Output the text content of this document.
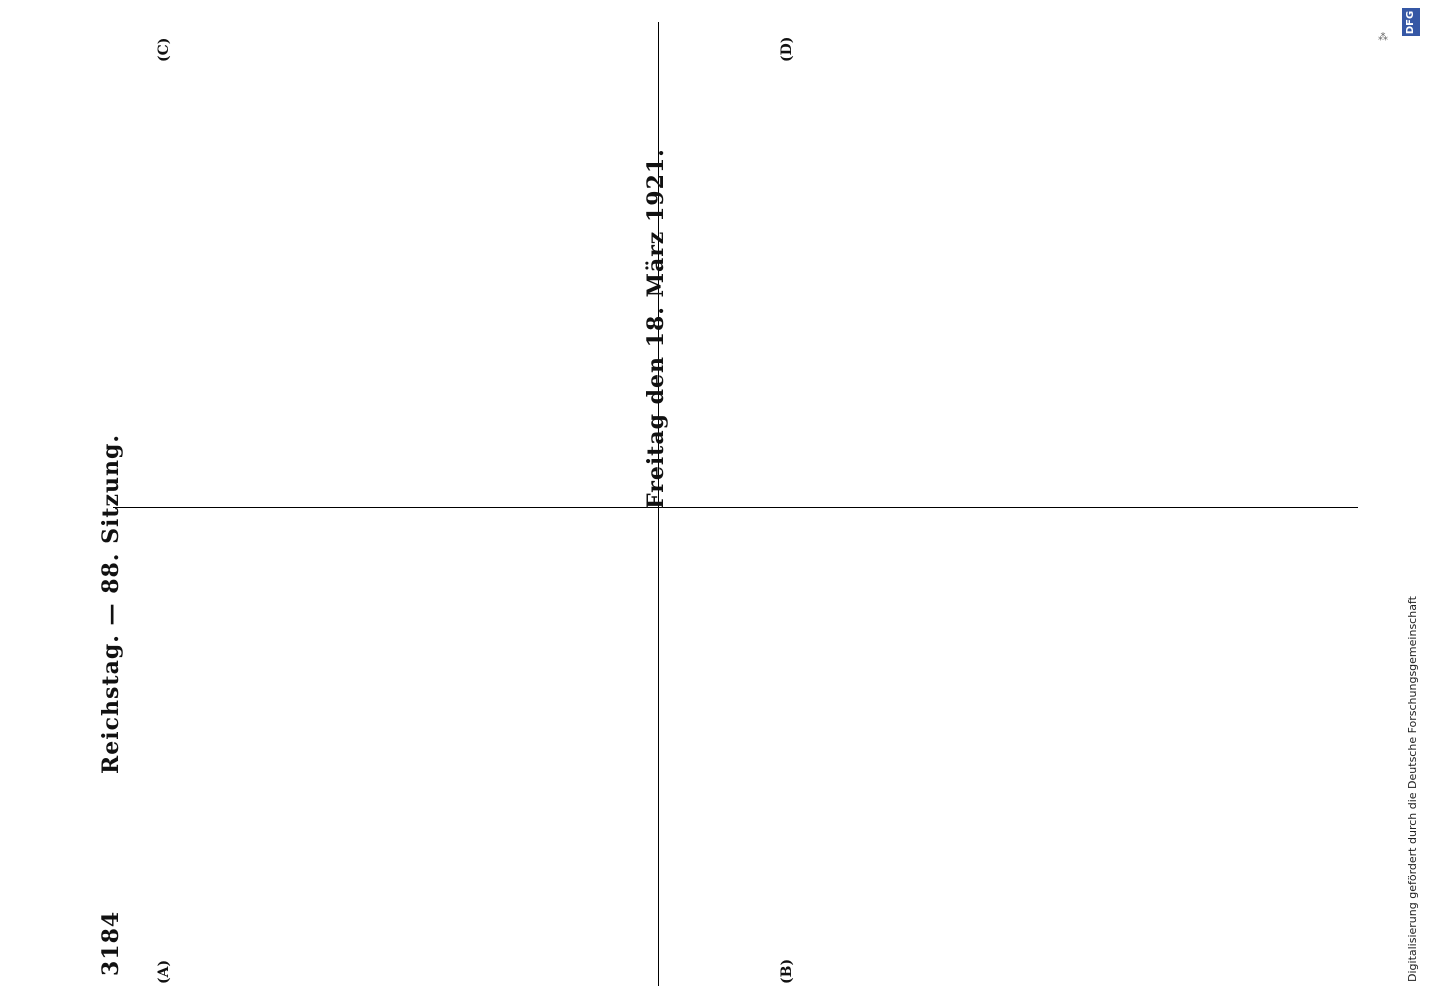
3184
Reichstag. — 88. Sitzung.
Freitag den 18. März 1921.
(A)	(B)
(C)	(D)	⁂
DFG
Digitalisierung gefördert durch die Deutsche Forschungsgemeinschaft
